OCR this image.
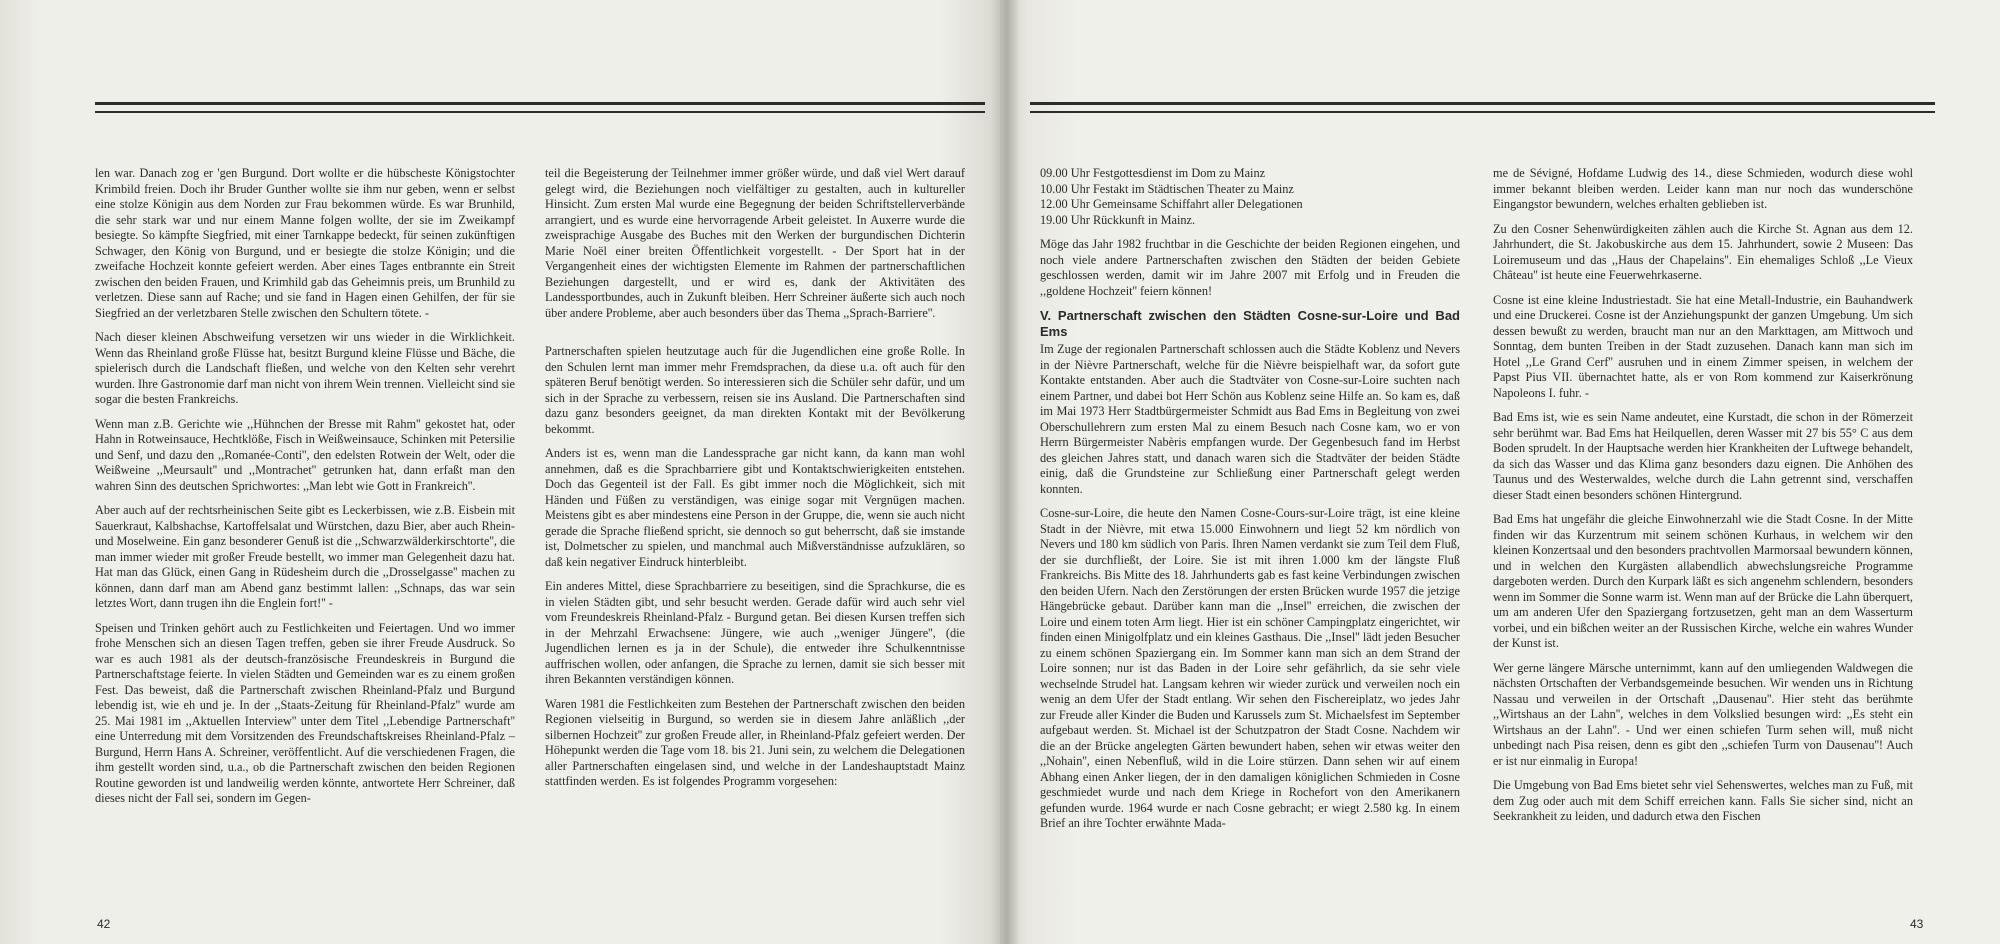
len war. Danach zog er 'gen Burgund. Dort wollte er die hübscheste Königstochter Krimbild freien. Doch ihr Bruder Gunther wollte sie ihm nur geben, wenn er selbst eine stolze Königin aus dem Norden zur Frau bekommen würde. Es war Brunhild, die sehr stark war und nur einem Manne folgen wollte, der sie im Zweikampf besiegte. So kämpfte Siegfried, mit einer Tarnkappe bedeckt, für seinen zukünftigen Schwager, den König von Burgund, und er besiegte die stolze Königin; und die zweifache Hochzeit konnte gefeiert werden. Aber eines Tages entbrannte ein Streit zwischen den beiden Frauen, und Krimhild gab das Geheimnis preis, um Brunhild zu verletzen. Diese sann auf Rache; und sie fand in Hagen einen Gehilfen, der für sie Siegfried an der verletzbaren Stelle zwischen den Schultern tötete. -

Nach dieser kleinen Abschweifung versetzen wir uns wieder in die Wirklichkeit. Wenn das Rheinland große Flüsse hat, besitzt Burgund kleine Flüsse und Bäche, die spielerisch durch die Landschaft fließen, und welche von den Kelten sehr verehrt wurden. Ihre Gastronomie darf man nicht von ihrem Wein trennen. Vielleicht sind sie sogar die besten Frankreichs.

Wenn man z.B. Gerichte wie ,,Hühnchen der Bresse mit Rahm'' gekostet hat, oder Hahn in Rotweinsauce, Hechtklöße, Fisch in Weißweinsauce, Schinken mit Petersilie und Senf, und dazu den ,,Romanée-Conti'', den edelsten Rotwein der Welt, oder die Weißweine ,,Meursault'' und ,,Montrachet'' getrunken hat, dann erfaßt man den wahren Sinn des deutschen Sprichwortes: ,,Man lebt wie Gott in Frankreich''.

Aber auch auf der rechtsrheinischen Seite gibt es Leckerbissen, wie z.B. Eisbein mit Sauerkraut, Kalbshachse, Kartoffelsalat und Würstchen, dazu Bier, aber auch Rhein- und Moselweine. Ein ganz besonderer Genuß ist die ,,Schwarzwälderkirschtorte'', die man immer wieder mit großer Freude bestellt, wo immer man Gelegenheit dazu hat. Hat man das Glück, einen Gang in Rüdesheim durch die ,,Drosselgasse'' machen zu können, dann darf man am Abend ganz bestimmt lallen: ,,Schnaps, das war sein letztes Wort, dann trugen ihn die Englein fort!'' -

Speisen und Trinken gehört auch zu Festlichkeiten und Feiertagen. Und wo immer frohe Menschen sich an diesen Tagen treffen, geben sie ihrer Freude Ausdruck. So war es auch 1981 als der deutsch-französische Freundeskreis in Burgund die Partnerschaftstage feierte. In vielen Städten und Gemeinden war es zu einem großen Fest. Das beweist, daß die Partnerschaft zwischen Rheinland-Pfalz und Burgund lebendig ist, wie eh und je. In der ,,Staats-Zeitung für Rheinland-Pfalz'' wurde am 25. Mai 1981 im ,,Aktuellen Interview'' unter dem Titel ,,Lebendige Partnerschaft'' eine Unterredung mit dem Vorsitzenden des Freundschaftskreises Rheinland-Pfalz – Burgund, Herrn Hans A. Schreiner, veröffentlicht. Auf die verschiedenen Fragen, die ihm gestellt worden sind, u.a., ob die Partnerschaft zwischen den beiden Regionen Routine geworden ist und landweilig werden könnte, antwortete Herr Schreiner, daß dieses nicht der Fall sei, sondern im Gegen-

teil die Begeisterung der Teilnehmer immer größer würde, und daß viel Wert darauf gelegt wird, die Beziehungen noch vielfältiger zu gestalten, auch in kultureller Hinsicht. Zum ersten Mal wurde eine Begegnung der beiden Schriftstellerverbände arrangiert, und es wurde eine hervorragende Arbeit geleistet. In Auxerre wurde die zweisprachige Ausgabe des Buches mit den Werken der burgundischen Dichterin Marie Noël einer breiten Öffentlichkeit vorgestellt. - Der Sport hat in der Vergangenheit eines der wichtigsten Elemente im Rahmen der partnerschaftlichen Beziehungen dargestellt, und er wird es, dank der Aktivitäten des Landessportbundes, auch in Zukunft bleiben. Herr Schreiner äußerte sich auch noch über andere Probleme, aber auch besonders über das Thema ,,Sprach-Barriere''.

Partnerschaften spielen heutzutage auch für die Jugendlichen eine große Rolle. In den Schulen lernt man immer mehr Fremdsprachen, da diese u.a. oft auch für den späteren Beruf benötigt werden. So interessieren sich die Schüler sehr dafür, und um sich in der Sprache zu verbessern, reisen sie ins Ausland. Die Partnerschaften sind dazu ganz besonders geeignet, da man direkten Kontakt mit der Bevölkerung bekommt.

Anders ist es, wenn man die Landessprache gar nicht kann, da kann man wohl annehmen, daß es die Sprachbarriere gibt und Kontaktschwierigkeiten entstehen. Doch das Gegenteil ist der Fall. Es gibt immer noch die Möglichkeit, sich mit Händen und Füßen zu verständigen, was einige sogar mit Vergnügen machen. Meistens gibt es aber mindestens eine Person in der Gruppe, die, wenn sie auch nicht gerade die Sprache fließend spricht, sie dennoch so gut beherrscht, daß sie imstande ist, Dolmetscher zu spielen, und manchmal auch Mißverständnisse aufzuklären, so daß kein negativer Eindruck hinterbleibt.

Ein anderes Mittel, diese Sprachbarriere zu beseitigen, sind die Sprachkurse, die es in vielen Städten gibt, und sehr besucht werden. Gerade dafür wird auch sehr viel vom Freundeskreis Rheinland-Pfalz - Burgund getan. Bei diesen Kursen treffen sich in der Mehrzahl Erwachsene: Jüngere, wie auch ,,weniger Jüngere'', (die Jugendlichen lernen es ja in der Schule), die entweder ihre Schulkenntnisse auffrischen wollen, oder anfangen, die Sprache zu lernen, damit sie sich besser mit ihren Bekannten verständigen können.

Waren 1981 die Festlichkeiten zum Bestehen der Partnerschaft zwischen den beiden Regionen vielseitig in Burgund, so werden sie in diesem Jahre anläßlich ,,der silbernen Hochzeit'' zur großen Freude aller, in Rheinland-Pfalz gefeiert werden. Der Höhepunkt werden die Tage vom 18. bis 21. Juni sein, zu welchem die Delegationen aller Partnerschaften eingelasen sind, und welche in der Landeshauptstadt Mainz stattfinden werden. Es ist folgendes Programm vorgesehen:

09.00 Uhr Festgottesdienst im Dom zu Mainz
10.00 Uhr Festakt im Städtischen Theater zu Mainz
12.00 Uhr Gemeinsame Schiffahrt aller Delegationen
19.00 Uhr Rückkunft in Mainz.

Möge das Jahr 1982 fruchtbar in die Geschichte der beiden Regionen eingehen, und noch viele andere Partnerschaften zwischen den Städten der beiden Gebiete geschlossen werden, damit wir im Jahre 2007 mit Erfolg und in Freuden die ,,goldene Hochzeit'' feiern können!

V. Partnerschaft zwischen den Städten Cosne-sur-Loire und Bad Ems

Im Zuge der regionalen Partnerschaft schlossen auch die Städte Koblenz und Nevers in der Nièvre Partnerschaft, welche für die Nièvre beispielhaft war, da sofort gute Kontakte entstanden. Aber auch die Stadtväter von Cosne-sur-Loire suchten nach einem Partner, und dabei bot Herr Schön aus Koblenz seine Hilfe an. So kam es, daß im Mai 1973 Herr Stadtbürgermeister Schmidt aus Bad Ems in Begleitung von zwei Oberschullehrern zum ersten Mal zu einem Besuch nach Cosne kam, wo er von Herrn Bürgermeister Nabèris empfangen wurde. Der Gegenbesuch fand im Herbst des gleichen Jahres statt, und danach waren sich die Stadtväter der beiden Städte einig, daß die Grundsteine zur Schließung einer Partnerschaft gelegt werden konnten.

Cosne-sur-Loire, die heute den Namen Cosne-Cours-sur-Loire trägt, ist eine kleine Stadt in der Nièvre, mit etwa 15.000 Einwohnern und liegt 52 km nördlich von Nevers und 180 km südlich von Paris. Ihren Namen verdankt sie zum Teil dem Fluß, der sie durchfließt, der Loire. Sie ist mit ihren 1.000 km der längste Fluß Frankreichs. Bis Mitte des 18. Jahrhunderts gab es fast keine Verbindungen zwischen den beiden Ufern. Nach den Zerstörungen der ersten Brücken wurde 1957 die jetzige Hängebrücke gebaut. Darüber kann man die ,,Insel'' erreichen, die zwischen der Loire und einem toten Arm liegt. Hier ist ein schöner Campingplatz eingerichtet, wir finden einen Minigolfplatz und ein kleines Gasthaus. Die ,,Insel'' lädt jeden Besucher zu einem schönen Spaziergang ein. Im Sommer kann man sich an dem Strand der Loire sonnen; nur ist das Baden in der Loire sehr gefährlich, da sie sehr viele wechselnde Strudel hat. Langsam kehren wir wieder zurück und verweilen noch ein wenig an dem Ufer der Stadt entlang. Wir sehen den Fischereiplatz, wo jedes Jahr zur Freude aller Kinder die Buden und Karussels zum St. Michaelsfest im September aufgebaut werden. St. Michael ist der Schutzpatron der Stadt Cosne. Nachdem wir die an der Brücke angelegten Gärten bewundert haben, sehen wir etwas weiter den ,,Nohain'', einen Nebenfluß, wild in die Loire stürzen. Dann sehen wir auf einem Abhang einen Anker liegen, der in den damaligen königlichen Schmieden in Cosne geschmiedet wurde und nach dem Kriege in Rochefort von den Amerikanern gefunden wurde. 1964 wurde er nach Cosne gebracht; er wiegt 2.580 kg. In einem Brief an ihre Tochter erwähnte Mada-

me de Sévigné, Hofdame Ludwig des 14., diese Schmieden, wodurch diese wohl immer bekannt bleiben werden. Leider kann man nur noch das wunderschöne Eingangstor bewundern, welches erhalten geblieben ist.

Zu den Cosner Sehenwürdigkeiten zählen auch die Kirche St. Agnan aus dem 12. Jahrhundert, die St. Jakobuskirche aus dem 15. Jahrhundert, sowie 2 Museen: Das Loiremuseum und das ,,Haus der Chapelains''. Ein ehemaliges Schloß ,,Le Vieux Château'' ist heute eine Feuerwehrkaserne.

Cosne ist eine kleine Industriestadt. Sie hat eine Metall-Industrie, ein Bauhandwerk und eine Druckerei. Cosne ist der Anziehungspunkt der ganzen Umgebung. Um sich dessen bewußt zu werden, braucht man nur an den Markttagen, am Mittwoch und Sonntag, dem bunten Treiben in der Stadt zuzusehen. Danach kann man sich im Hotel ,,Le Grand Cerf'' ausruhen und in einem Zimmer speisen, in welchem der Papst Pius VII. übernachtet hatte, als er von Rom kommend zur Kaiserkrönung Napoleons I. fuhr. -

Bad Ems ist, wie es sein Name andeutet, eine Kurstadt, die schon in der Römerzeit sehr berühmt war. Bad Ems hat Heilquellen, deren Wasser mit 27 bis 55° C aus dem Boden sprudelt. In der Hauptsache werden hier Krankheiten der Luftwege behandelt, da sich das Wasser und das Klima ganz besonders dazu eignen. Die Anhöhen des Taunus und des Westerwaldes, welche durch die Lahn getrennt sind, verschaffen dieser Stadt einen besonders schönen Hintergrund.

Bad Ems hat ungefähr die gleiche Einwohnerzahl wie die Stadt Cosne. In der Mitte finden wir das Kurzentrum mit seinem schönen Kurhaus, in welchem wir den kleinen Konzertsaal und den besonders prachtvollen Marmorsaal bewundern können, und in welchen den Kurgästen allabendlich abwechslungsreiche Programme dargeboten werden. Durch den Kurpark läßt es sich angenehm schlendern, besonders wenn im Sommer die Sonne warm ist. Wenn man auf der Brücke die Lahn überquert, um am anderen Ufer den Spaziergang fortzusetzen, geht man an dem Wasserturm vorbei, und ein bißchen weiter an der Russischen Kirche, welche ein wahres Wunder der Kunst ist.

Wer gerne längere Märsche unternimmt, kann auf den umliegenden Waldwegen die nächsten Ortschaften der Verbandsgemeinde besuchen. Wir wenden uns in Richtung Nassau und verweilen in der Ortschaft ,,Dausenau''. Hier steht das berühmte ,,Wirtshaus an der Lahn'', welches in dem Volkslied besungen wird: ,,Es steht ein Wirtshaus an der Lahn''. - Und wer einen schiefen Turm sehen will, muß nicht unbedingt nach Pisa reisen, denn es gibt den ,,schiefen Turm von Dausenau''! Auch er ist nur einmalig in Europa!

Die Umgebung von Bad Ems bietet sehr viel Sehenswertes, welches man zu Fuß, mit dem Zug oder auch mit dem Schiff erreichen kann. Falls Sie sicher sind, nicht an Seekrankheit zu leiden, und dadurch etwa den Fischen

42	43
